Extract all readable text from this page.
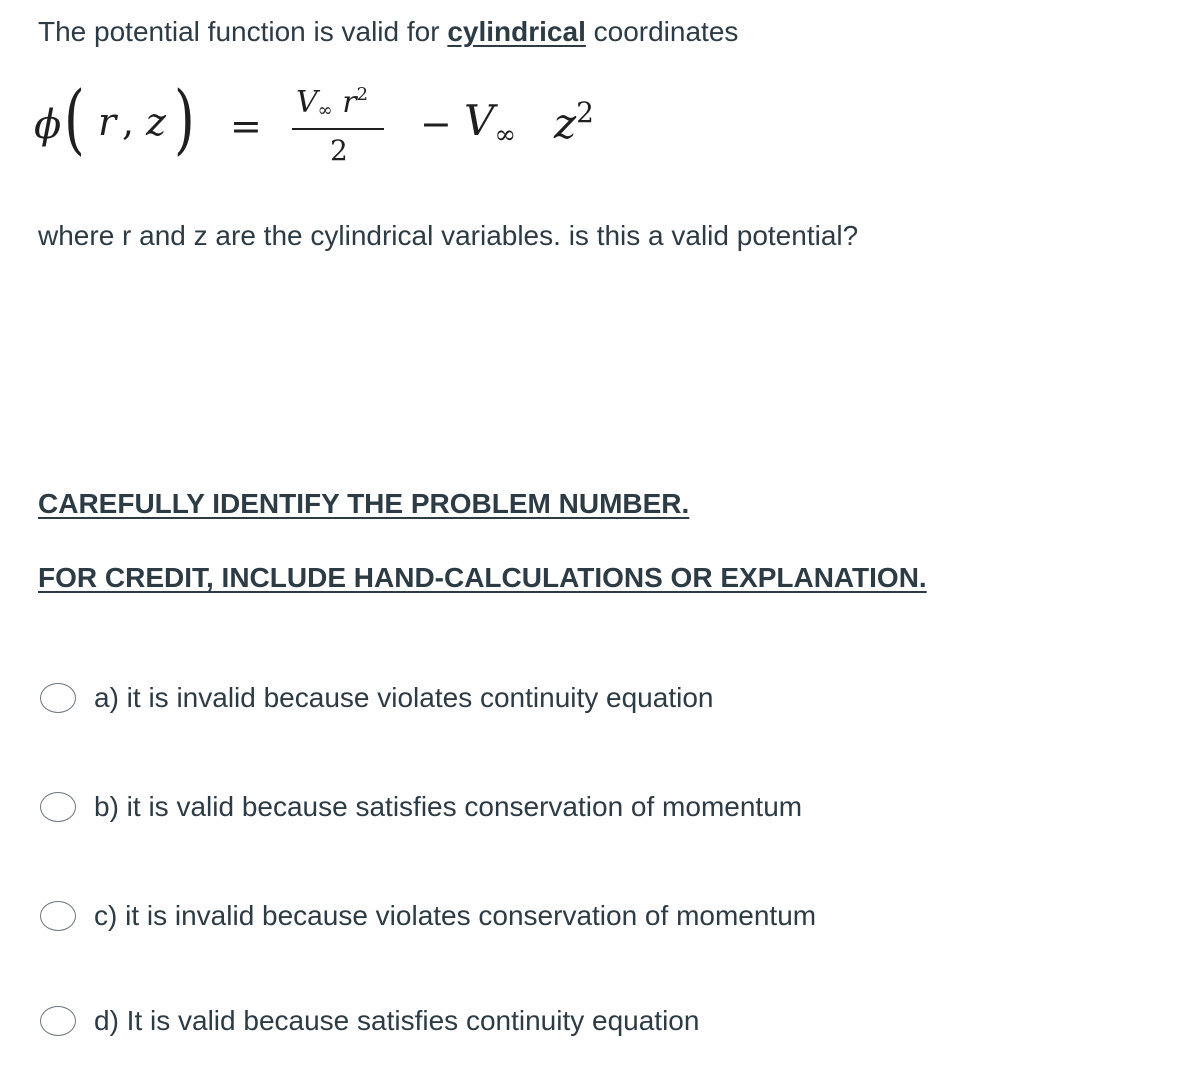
The potential function is valid for cylindrical coordinates
ϕ ( r , z ) =
$V_\infty$ $r^2$
2
− $V_\infty$ $z^2$
where r and z are the cylindrical variables. is this a valid potential?
CAREFULLY IDENTIFY THE PROBLEM NUMBER.
FOR CREDIT, INCLUDE HAND-CALCULATIONS OR EXPLANATION.
a) it is invalid because violates continuity equation
b) it is valid because satisfies conservation of momentum
c) it is invalid because violates conservation of momentum
d) It is valid because satisfies continuity equation
